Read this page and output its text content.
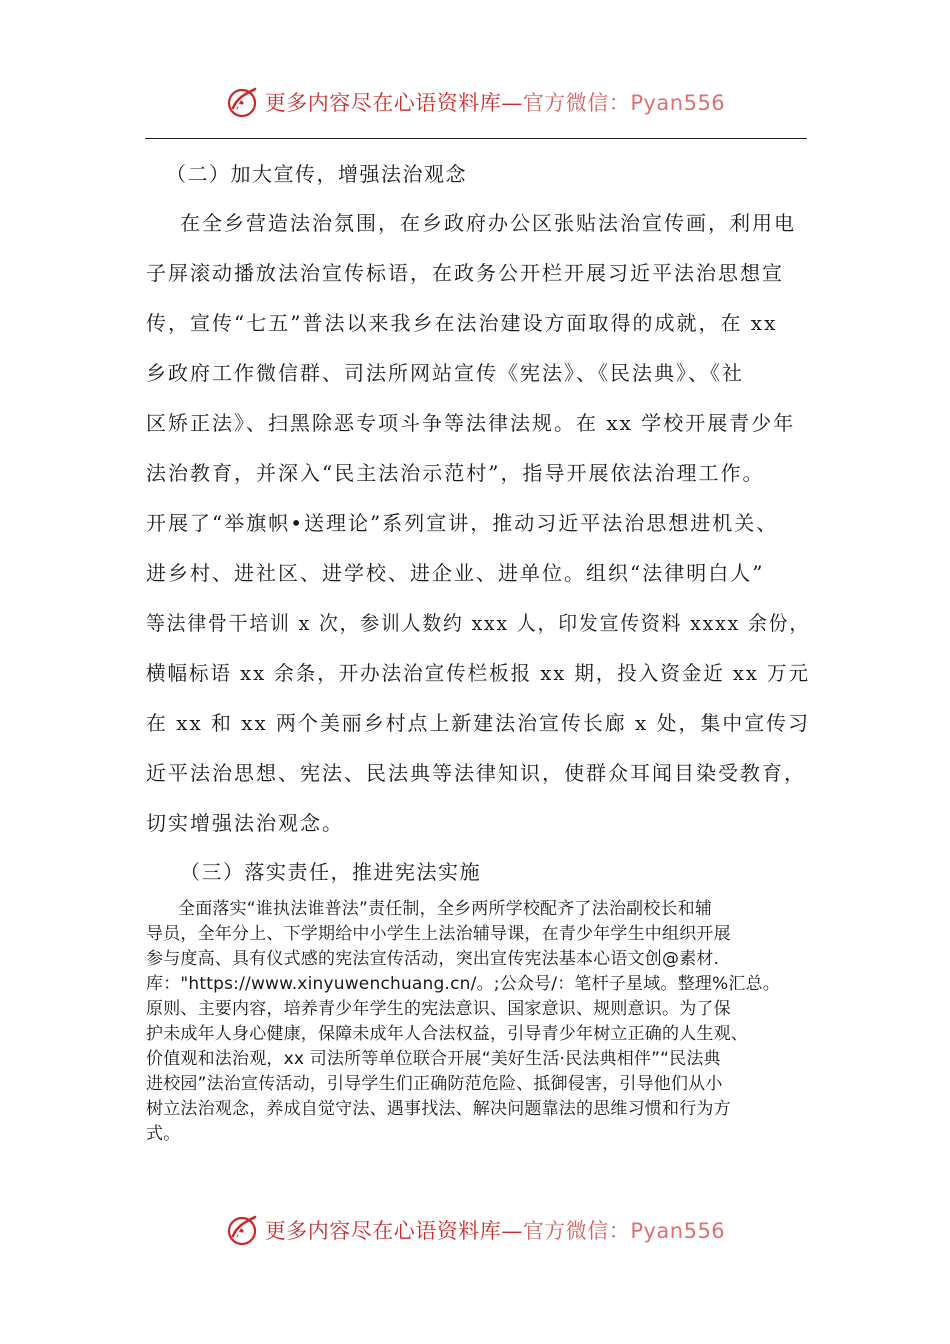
更多内容尽在心语资料库—官方微信：Pyan556
（二）加大宣传，增强法治观念
在全乡营造法治氛围，在乡政府办公区张贴法治宣传画，利用电
子屏滚动播放法治宣传标语，在政务公开栏开展习近平法治思想宣
传，宣传“七五”普法以来我乡在法治建设方面取得的成就，在 xx
乡政府工作微信群、司法所网站宣传《宪法》、《民法典》、《社
区矫正法》、扫黑除恶专项斗争等法律法规。在 xx 学校开展青少年
法治教育，并深入“民主法治示范村”，指导开展依法治理工作。
开展了“举旗帜•送理论”系列宣讲，推动习近平法治思想进机关、
进乡村、进社区、进学校、进企业、进单位。组织“法律明白人”
等法律骨干培训 x 次，参训人数约 xxx 人，印发宣传资料 xxxx 余份，
横幅标语 xx 余条，开办法治宣传栏板报 xx 期，投入资金近 xx 万元
在 xx 和 xx 两个美丽乡村点上新建法治宣传长廊 x 处，集中宣传习
近平法治思想、宪法、民法典等法律知识，使群众耳闻目染受教育，
切实增强法治观念。
（三）落实责任，推进宪法实施
全面落实“谁执法谁普法”责任制，全乡两所学校配齐了法治副校长和辅
导员，全年分上、下学期给中小学生上法治辅导课，在青少年学生中组织开展
参与度高、具有仪式感的宪法宣传活动，突出宣传宪法基本心语文创@素材.
库："https://www.xinyuwenchuang.cn/。;公众号/：笔杆子星域。整理%汇总。
原则、主要内容，培养青少年学生的宪法意识、国家意识、规则意识。为了保
护未成年人身心健康，保障未成年人合法权益，引导青少年树立正确的人生观、
价值观和法治观，xx 司法所等单位联合开展“美好生活·民法典相伴”“民法典
进校园”法治宣传活动，引导学生们正确防范危险、抵御侵害，引导他们从小
树立法治观念，养成自觉守法、遇事找法、解决问题靠法的思维习惯和行为方
式。
更多内容尽在心语资料库—官方微信：Pyan556
